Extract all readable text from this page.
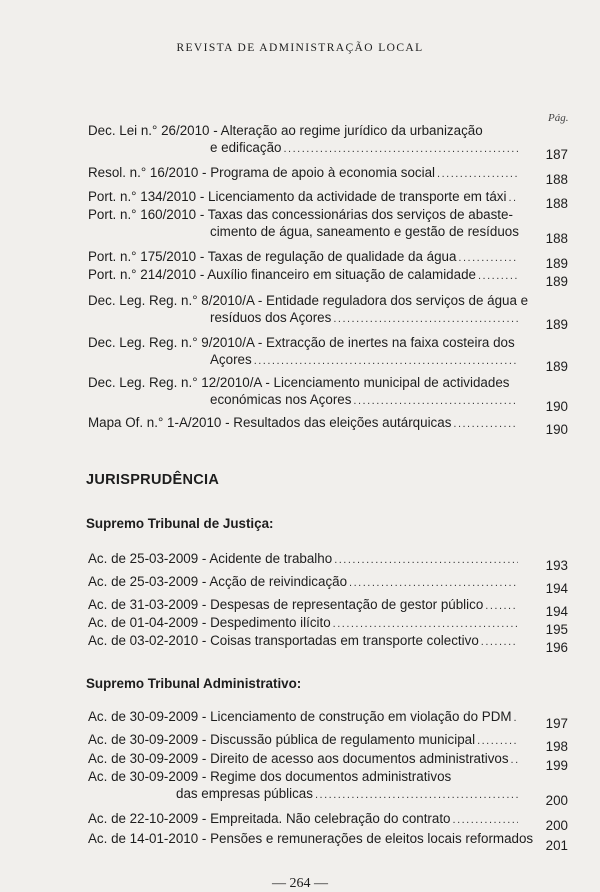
REVISTA DE ADMINISTRAÇÃO LOCAL
Pág.
Dec. Lei n.° 26/2010 - Alteração ao regime jurídico da urbanização
e edificação .....	187
Resol. n.° 16/2010 - Programa de apoio à economia social .....	188
Port. n.° 134/2010 - Licenciamento da actividade de transporte em táxi .....	188
Port. n.° 160/2010 - Taxas das concessionárias dos serviços de abaste-
cimento de água, saneamento e gestão de resíduos	188
Port. n.° 175/2010 - Taxas de regulação de qualidade da água .....	189
Port. n.° 214/2010 - Auxílio financeiro em situação de calamidade .....	189
Dec. Leg. Reg. n.° 8/2010/A - Entidade reguladora dos serviços de água e
resíduos dos Açores .....	189
Dec. Leg. Reg. n.° 9/2010/A - Extracção de inertes na faixa costeira dos
Açores .....	189
Dec. Leg. Reg. n.° 12/2010/A - Licenciamento municipal de actividades
económicas nos Açores .....	190
Mapa Of. n.° 1-A/2010 - Resultados das eleições autárquicas .....	190
JURISPRUDÊNCIA
Supremo Tribunal de Justiça:
Ac. de 25-03-2009 - Acidente de trabalho .....	193
Ac. de 25-03-2009 - Acção de reivindicação .....	194
Ac. de 31-03-2009 - Despesas de representação de gestor público .....	194
Ac. de 01-04-2009 - Despedimento ilícito .....	195
Ac. de 03-02-2010 - Coisas transportadas em transporte colectivo .....	196
Supremo Tribunal Administrativo:
Ac. de 30-09-2009 - Licenciamento de construção em violação do PDM .....	197
Ac. de 30-09-2009 - Discussão pública de regulamento municipal .....	198
Ac. de 30-09-2009 - Direito de acesso aos documentos administrativos .....	199
Ac. de 30-09-2009 - Regime dos documentos administrativos
das empresas públicas .....	200
Ac. de 22-10-2009 - Empreitada. Não celebração do contrato .....	200
Ac. de 14-01-2010 - Pensões e remunerações de eleitos locais reformados 201
— 264 —
